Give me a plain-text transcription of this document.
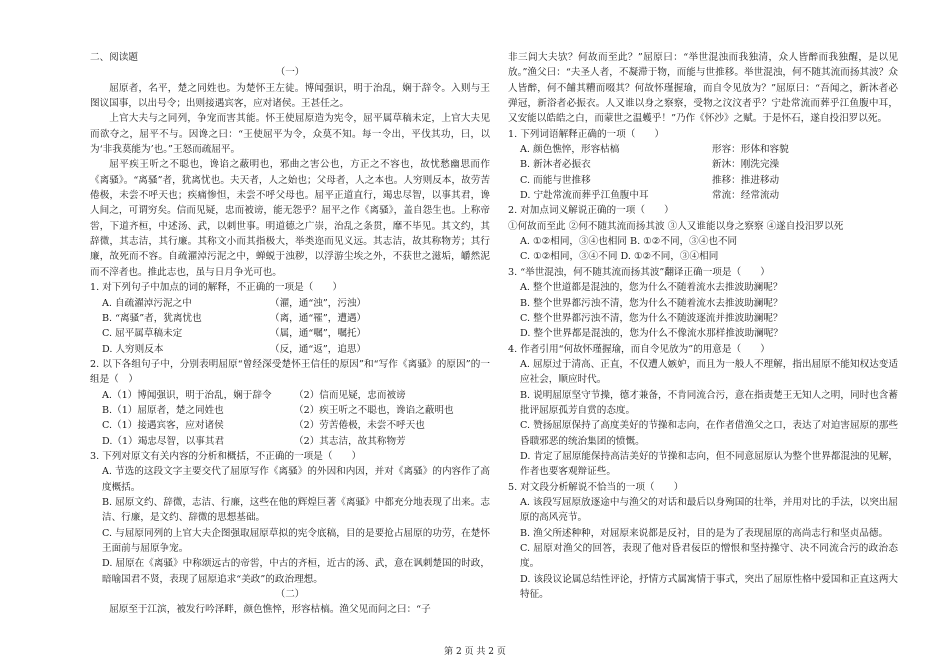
二、阅读题
（一）

屈原者，名平，楚之同姓也。为楚怀王左徒。博闻强识，明于治乱，娴于辞令。入则与王图议国事，以出号令；出则接遇宾客，应对诸侯。王甚任之。

上官大夫与之同列，争宠而害其能。怀王使屈原造为宪令，屈平属草稿未定，上官大夫见而欲夺之，屈平不与。因谗之曰：“王使屈平为令，众莫不知。每一令出，平伐其功，曰，以为‘非我莫能为’也。”王怒而疏屈平。

屈平疾王听之不聪也，谗谄之蔽明也，邪曲之害公也，方正之不容也，故忧愁幽思而作《离骚》。“离骚”者，犹离忧也。夫天者，人之始也；父母者，人之本也。人穷则反本，故劳苦倦极，未尝不呼天也；疾痛惨怛，未尝不呼父母也。屈平正道直行，竭忠尽智，以事其君，谗人间之，可谓穷矣。信而见疑，忠而被谤，能无怨乎？屈平之作《离骚》，盖自怨生也。上称帝喾，下道齐桓，中述汤、武，以刺世事。明道德之广崇，治乱之条贯，靡不毕见。其文约，其辞微，其志洁，其行廉。其称文小而其指极大，举类迩而见义远。其志洁，故其称物芳；其行廉，故死而不容。自疏濯淖污泥之中，蝉蜕于浊秽，以浮游尘埃之外，不获世之滋垢，皭然泥而不滓者也。推此志也，虽与日月争光可也。

1. 对下列句子中加点的词的解释，不正确的一项是（　　）

A. 自疏濯淖污泥之中	（濯，通“浊”，污浊）
B. “离骚”者，犹离忧也	（离，通“罹”，遭遇）
C. 屈平属草稿未定	（属，通“嘱”，嘱托）
D. 人穷则反本	（反，通“返”，追思）

2. 以下各组句子中，分别表明屈原“曾经深受楚怀王信任的原因”和“写作《离骚》的原因”的一组是（　）

A.（1）博闻强识，明于治乱，娴于辞令	（2）信而见疑，忠而被谤
B.（1）屈原者，楚之同姓也	（2）疾王听之不聪也，谗谄之蔽明也
C.（1）接遇宾客，应对诸侯	（2）劳苦倦极，未尝不呼天也
D.（1）竭忠尽智，以事其君	（2）其志洁，故其称物芳

3. 下列对原文有关内容的分析和概括，不正确的一项是（　　）

A. 节选的这段文字主要交代了屈原写作《离骚》的外因和内因，并对《离骚》的内容作了高度概括。

B. 屈原文约、辞微，志洁、行廉，这些在他的辉煌巨著《离骚》中都充分地表现了出来。志洁、行廉，是文约、辞微的思想基础。

C. 与屈原同列的上官大夫企图强取屈原草拟的宪令底稿，目的是要抢占屈原的功劳，在楚怀王面前与屈原争宠。

D. 屈原在《离骚》中称颂远古的帝喾，中古的齐桓，近古的汤、武，意在讽刺楚国的时政，暗喻国君不贤，表现了屈原追求“美政”的政治理想。

（二）

屈原至于江滨，被发行吟泽畔，颜色憔悴，形容枯槁。渔父见而问之曰：“子

非三闾大夫欤？何故而至此？”屈原曰：“举世混浊而我独清，众人皆醉而我独醒，是以见放。”渔父曰：“夫圣人者，不凝滞于物，而能与世推移。举世混浊，何不随其流而扬其波？众人皆醉，何不餔其糟而啜其？何故怀瑾握瑜，而自令见放为？”屈原曰：“吾闻之，新沐者必弹冠，新浴者必振衣。人又谁以身之察察，受物之汶汶者乎？宁赴常流而葬乎江鱼腹中耳，又安能以皓皓之白，而蒙世之温蠖乎！”乃作《怀沙》之赋。于是怀石，遂自投汨罗以死。

1. 下列词语解释正确的一项（　　）

A. 颜色憔悴，形容枯槁	形容：形体和容貌
B. 新沐者必振衣	新沐：刚洗完澡
C. 而能与世推移	推移：推进移动
D. 宁赴常流而葬乎江鱼腹中耳	常流：经常流动

2. 对加点词义解说正确的一项（　　）

①何故而至此 ②何不随其流而扬其波 ③人又谁能以身之察察 ④遂自投汨罗以死

A. ①②相同，③④也相同 B. ①②不同，③④也不同

C. ①②相同，③④不同 D. ①②不同，③④相同

3. “举世混浊，何不随其流而扬其波”翻译正确一项是（　　）

A. 整个世道都是混浊的，您为什么不随着流水去推波助澜呢？

B. 整个世界都污浊不清，您为什么不随着流水去推波助澜呢？

C. 整个世界都污浊不清，您为什么不随波逐流并推波助澜呢？

D. 整个世界都是混浊的，您为什么不像流水那样推波助澜呢？

4. 作者引用“何故怀瑾握瑜，而自令见放为”的用意是（　　）

A. 屈原过于清高、正直，不仅遭人嫉妒，而且为一般人不理解，指出屈原不能知权达变适应社会，顺应时代。

B. 说明屈原坚守节操，德才兼备，不肯同流合污，意在指责楚王无知人之明，同时也含蓄批评屈原孤芳自赏的态度。

C. 赞扬屈原保持了高度美好的节操和志向，在作者借渔父之口，表达了对迫害屈原的那些昏聩邪恶的统治集团的愤慨。

D. 肯定了屈原能保持高洁美好的节操和志向，但不同意屈原认为整个世界都混浊的见解，作者也要客观辩证些。

5. 对文段分析解说不恰当的一项（　　）

A. 该段写屈原放逐途中与渔父的对话和最后以身殉国的壮举，并用对比的手法，以突出屈原的高风亮节。

B. 渔父所述种种，对屈原来说都是反衬，目的是为了表现屈原的高尚志行和坚贞品德。

C. 屈原对渔父的回答，表现了他对昏君佞臣的憎恨和坚持操守、决不同流合污的政治态度。

D. 该段议论属总结性评论，抒情方式属寓情于事式，突出了屈原性格中爱国和正直这两大特征。

第 2 页 共 2 页
